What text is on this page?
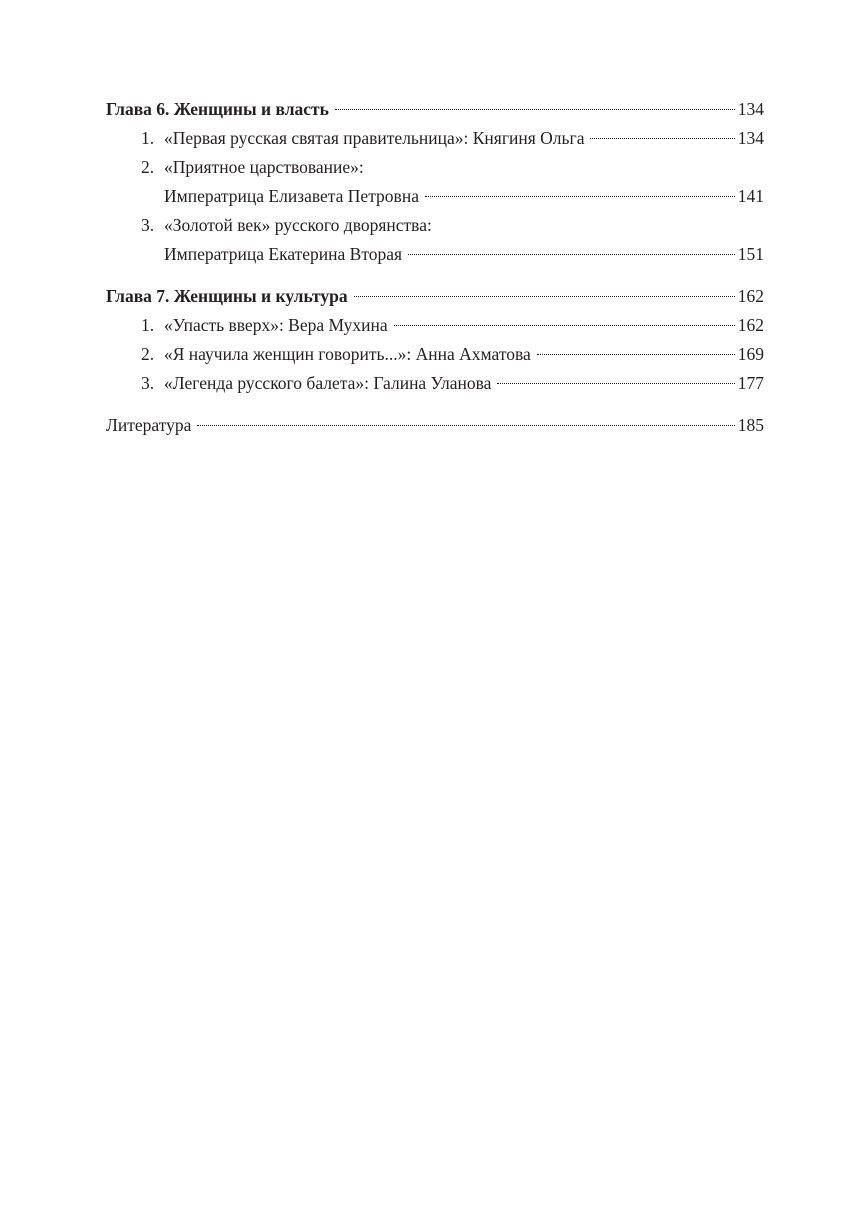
Глава 6. Женщины и власть	134
1. «Первая русская святая правительница»: Княгиня Ольга	134
2. «Приятное царствование»:
Императрица Елизавета Петровна	141
3. «Золотой век» русского дворянства:
Императрица Екатерина Вторая	151
Глава 7. Женщины и культура	162
1. «Упасть вверх»: Вера Мухина	162
2. «Я научила женщин говорить...»: Анна Ахматова	169
3. «Легенда русского балета»: Галина Уланова	177
Литература	185
